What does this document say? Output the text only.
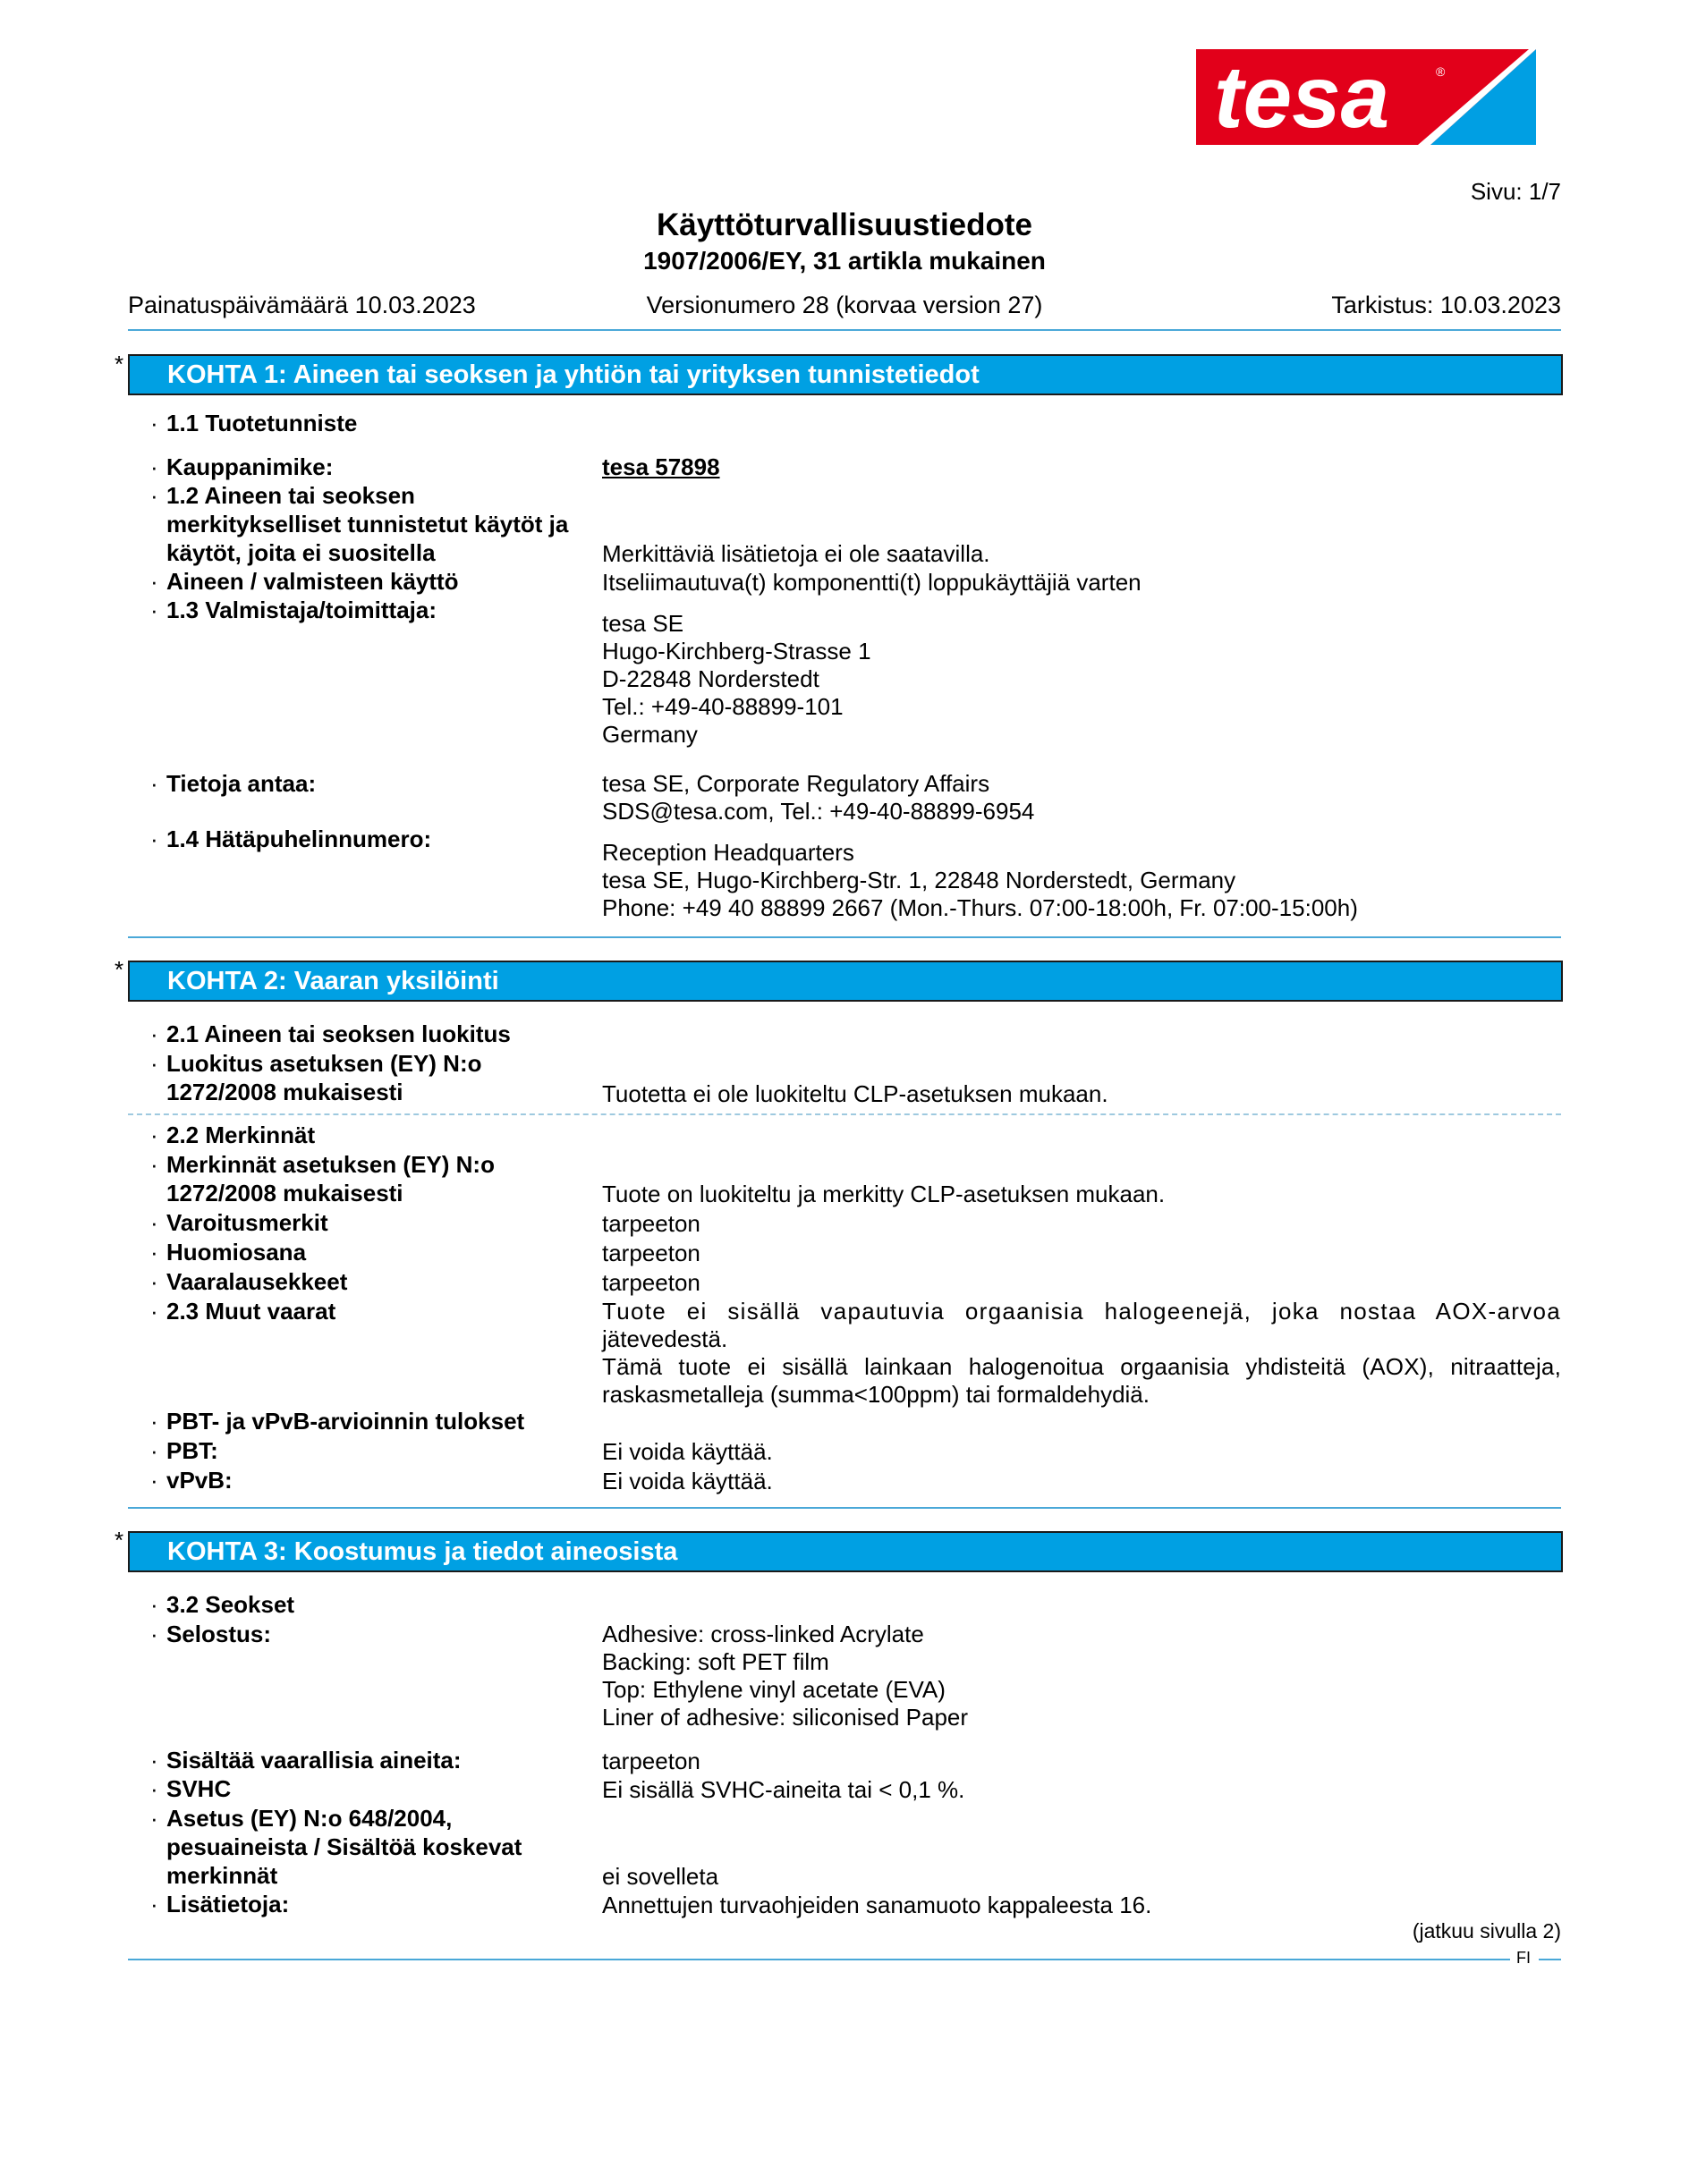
tesa	®
Sivu: 1/7
Käyttöturvallisuustiedote
1907/2006/EY, 31 artikla mukainen
Painatuspäivämäärä 10.03.2023	Versionumero 28 (korvaa version 27)	Tarkistus: 10.03.2023
* KOHTA 1: Aineen tai seoksen ja yhtiön tai yrityksen tunnistetiedot
· 1.1 Tuotetunniste
· Kauppanimike:	tesa 57898
· 1.2 Aineen tai seoksen
merkitykselliset tunnistetut käytöt ja
käytöt, joita ei suositella	Merkittäviä lisätietoja ei ole saatavilla.
· Aineen / valmisteen käyttö	Itseliimautuva(t) komponentti(t) loppukäyttäjiä varten
· 1.3 Valmistaja/toimittaja:	tesa SE
Hugo-Kirchberg-Strasse 1
D-22848 Norderstedt
Tel.: +49-40-88899-101
Germany
· Tietoja antaa:	tesa SE, Corporate Regulatory Affairs
SDS@tesa.com, Tel.: +49-40-88899-6954
· 1.4 Hätäpuhelinnumero:	Reception Headquarters
tesa SE, Hugo-Kirchberg-Str. 1, 22848 Norderstedt, Germany
Phone: +49 40 88899 2667 (Mon.-Thurs. 07:00-18:00h, Fr. 07:00-15:00h)
* KOHTA 2: Vaaran yksilöinti
· 2.1 Aineen tai seoksen luokitus
· Luokitus asetuksen (EY) N:o
1272/2008 mukaisesti	Tuotetta ei ole luokiteltu CLP-asetuksen mukaan.
· 2.2 Merkinnät
· Merkinnät asetuksen (EY) N:o
1272/2008 mukaisesti	Tuote on luokiteltu ja merkitty CLP-asetuksen mukaan.
· Varoitusmerkit	tarpeeton
· Huomiosana	tarpeeton
· Vaaralausekkeet	tarpeeton
· 2.3 Muut vaarat	Tuote ei sisällä vapautuvia orgaanisia halogeenejä, joka nostaa AOX-arvoa
jätevedestä.
Tämä tuote ei sisällä lainkaan halogenoitua orgaanisia yhdisteitä (AOX), nitraatteja,
raskasmetalleja (summa<100ppm) tai formaldehydiä.
· PBT- ja vPvB-arvioinnin tulokset
· PBT:	Ei voida käyttää.
· vPvB:	Ei voida käyttää.
* KOHTA 3: Koostumus ja tiedot aineosista
· 3.2 Seokset
· Selostus:	Adhesive: cross-linked Acrylate
Backing: soft PET film
Top: Ethylene vinyl acetate (EVA)
Liner of adhesive: siliconised Paper
· Sisältää vaarallisia aineita:	tarpeeton
· SVHC	Ei sisällä SVHC-aineita tai < 0,1 %.
· Asetus (EY) N:o 648/2004,
pesuaineista / Sisältöä koskevat
merkinnät	ei sovelleta
· Lisätietoja:	Annettujen turvaohjeiden sanamuoto kappaleesta 16.
(jatkuu sivulla 2)
FI
